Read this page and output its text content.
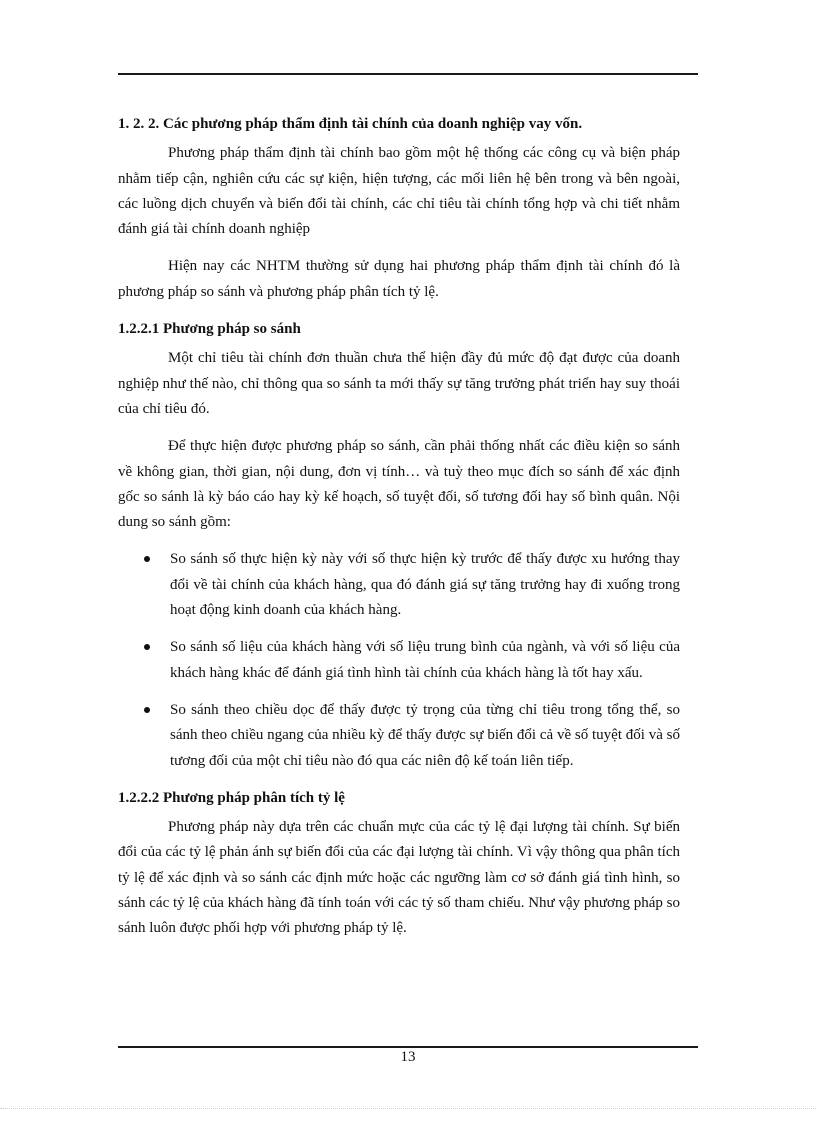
1. 2. 2. Các phương pháp thẩm định tài chính của doanh nghiệp vay vốn.

Phương pháp thẩm định tài chính bao gồm một hệ thống các công cụ và biện pháp nhằm tiếp cận, nghiên cứu các sự kiện, hiện tượng, các mối liên hệ bên trong và bên ngoài, các luồng dịch chuyển và biến đổi tài chính, các chỉ tiêu tài chính tổng hợp và chi tiết nhằm đánh giá tài chính doanh nghiệp

Hiện nay các NHTM thường sử dụng hai phương pháp thẩm định tài chính đó là phương pháp so sánh và phương pháp phân tích tỷ lệ.

1.2.2.1 Phương pháp so sánh

Một chỉ tiêu tài chính đơn thuần chưa thể hiện đầy đủ mức độ đạt được của doanh nghiệp như thế nào, chỉ thông qua so sánh ta mới thấy sự tăng trưởng phát triển hay suy thoái của chỉ tiêu đó.

Để thực hiện được phương pháp so sánh, cần phải thống nhất các điều kiện so sánh về không gian, thời gian, nội dung, đơn vị tính… và tuỳ theo mục đích so sánh để xác định gốc so sánh là kỳ báo cáo hay kỳ kế hoạch, số tuyệt đối, số tương đối hay số bình quân. Nội dung so sánh gồm:

So sánh số thực hiện kỳ này với số thực hiện kỳ trước để thấy được xu hướng thay đổi về tài chính của khách hàng, qua đó đánh giá sự tăng trưởng hay đi xuống trong hoạt động kinh doanh của khách hàng.
So sánh số liệu của khách hàng với số liệu trung bình của ngành, và với số liệu của khách hàng khác để đánh giá tình hình tài chính của khách hàng là tốt hay xấu.
So sánh theo chiều dọc để thấy được tỷ trọng của từng chỉ tiêu trong tổng thể, so sánh theo chiều ngang của nhiều kỳ để thấy được sự biến đổi cả về số tuyệt đối và số tương đối của một chỉ tiêu nào đó qua các niên độ kế toán liên tiếp.

1.2.2.2 Phương pháp phân tích tỷ lệ

Phương pháp này dựa trên các chuẩn mực của các tỷ lệ đại lượng tài chính. Sự biến đổi của các tỷ lệ phản ánh sự biến đổi của các đại lượng tài chính. Vì vậy thông qua phân tích tỷ lệ để xác định và so sánh các định mức hoặc các ngưỡng làm cơ sở đánh giá tình hình, so sánh các tỷ lệ của khách hàng đã tính toán với các tỷ số tham chiếu. Như vậy phương pháp so sánh luôn được phối hợp với phương pháp tỷ lệ.

13
